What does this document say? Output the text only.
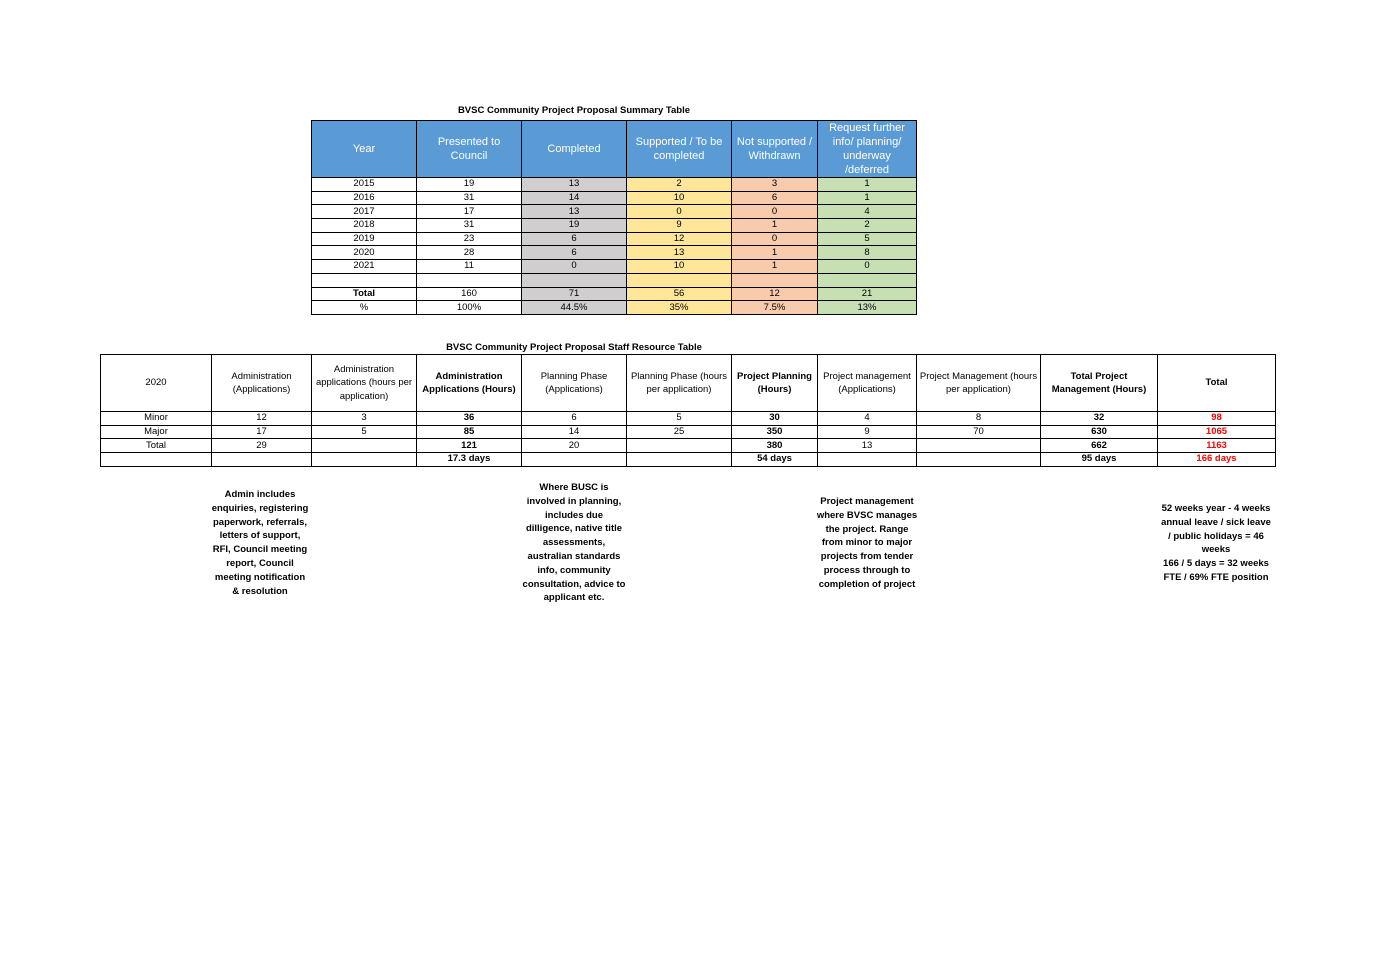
BVSC Community Project Proposal Summary Table
Year	Presented to Council	Completed	Supported / To be completed	Not supported / Withdrawn	Request further info/ planning/ underway /deferred
2015	19	13	2	3	1
2016	31	14	10	6	1
2017	17	13	0	0	4
2018	31	19	9	1	2
2019	23	6	12	0	5
2020	28	6	13	1	8
2021	11	0	10	1	0

Total	160	71	56	12	21
%	100%	44.5%	35%	7.5%	13%
BVSC Community Project Proposal Staff Resource Table
2020	Administration (Applications)	Administration applications (hours per application)	Administration Applications (Hours)	Planning Phase (Applications)	Planning Phase (hours per application)	Project Planning (Hours)	Project management (Applications)	Project Management (hours per application)	Total Project Management (Hours)	Total
Minor	12	3	36	6	5	30	4	8	32	98
Major	17	5	85	14	25	350	9	70	630	1065
Total	29		121	20		380	13		662	1163
			17.3 days			54 days			95 days	166 days
Admin includes
enquiries, registering
paperwork, referrals,
letters of support,
RFI, Council meeting
report, Council
meeting notification
& resolution
Where BUSC is
involved in planning,
includes due
dilligence, native title
assessments,
australian standards
info, community
consultation, advice to
applicant etc.
Project management
where BVSC manages
the project. Range
from minor to major
projects from tender
process through to
completion of project
52 weeks year - 4 weeks
annual leave / sick leave
/ public holidays = 46
weeks
166 / 5 days = 32 weeks
FTE / 69% FTE position
